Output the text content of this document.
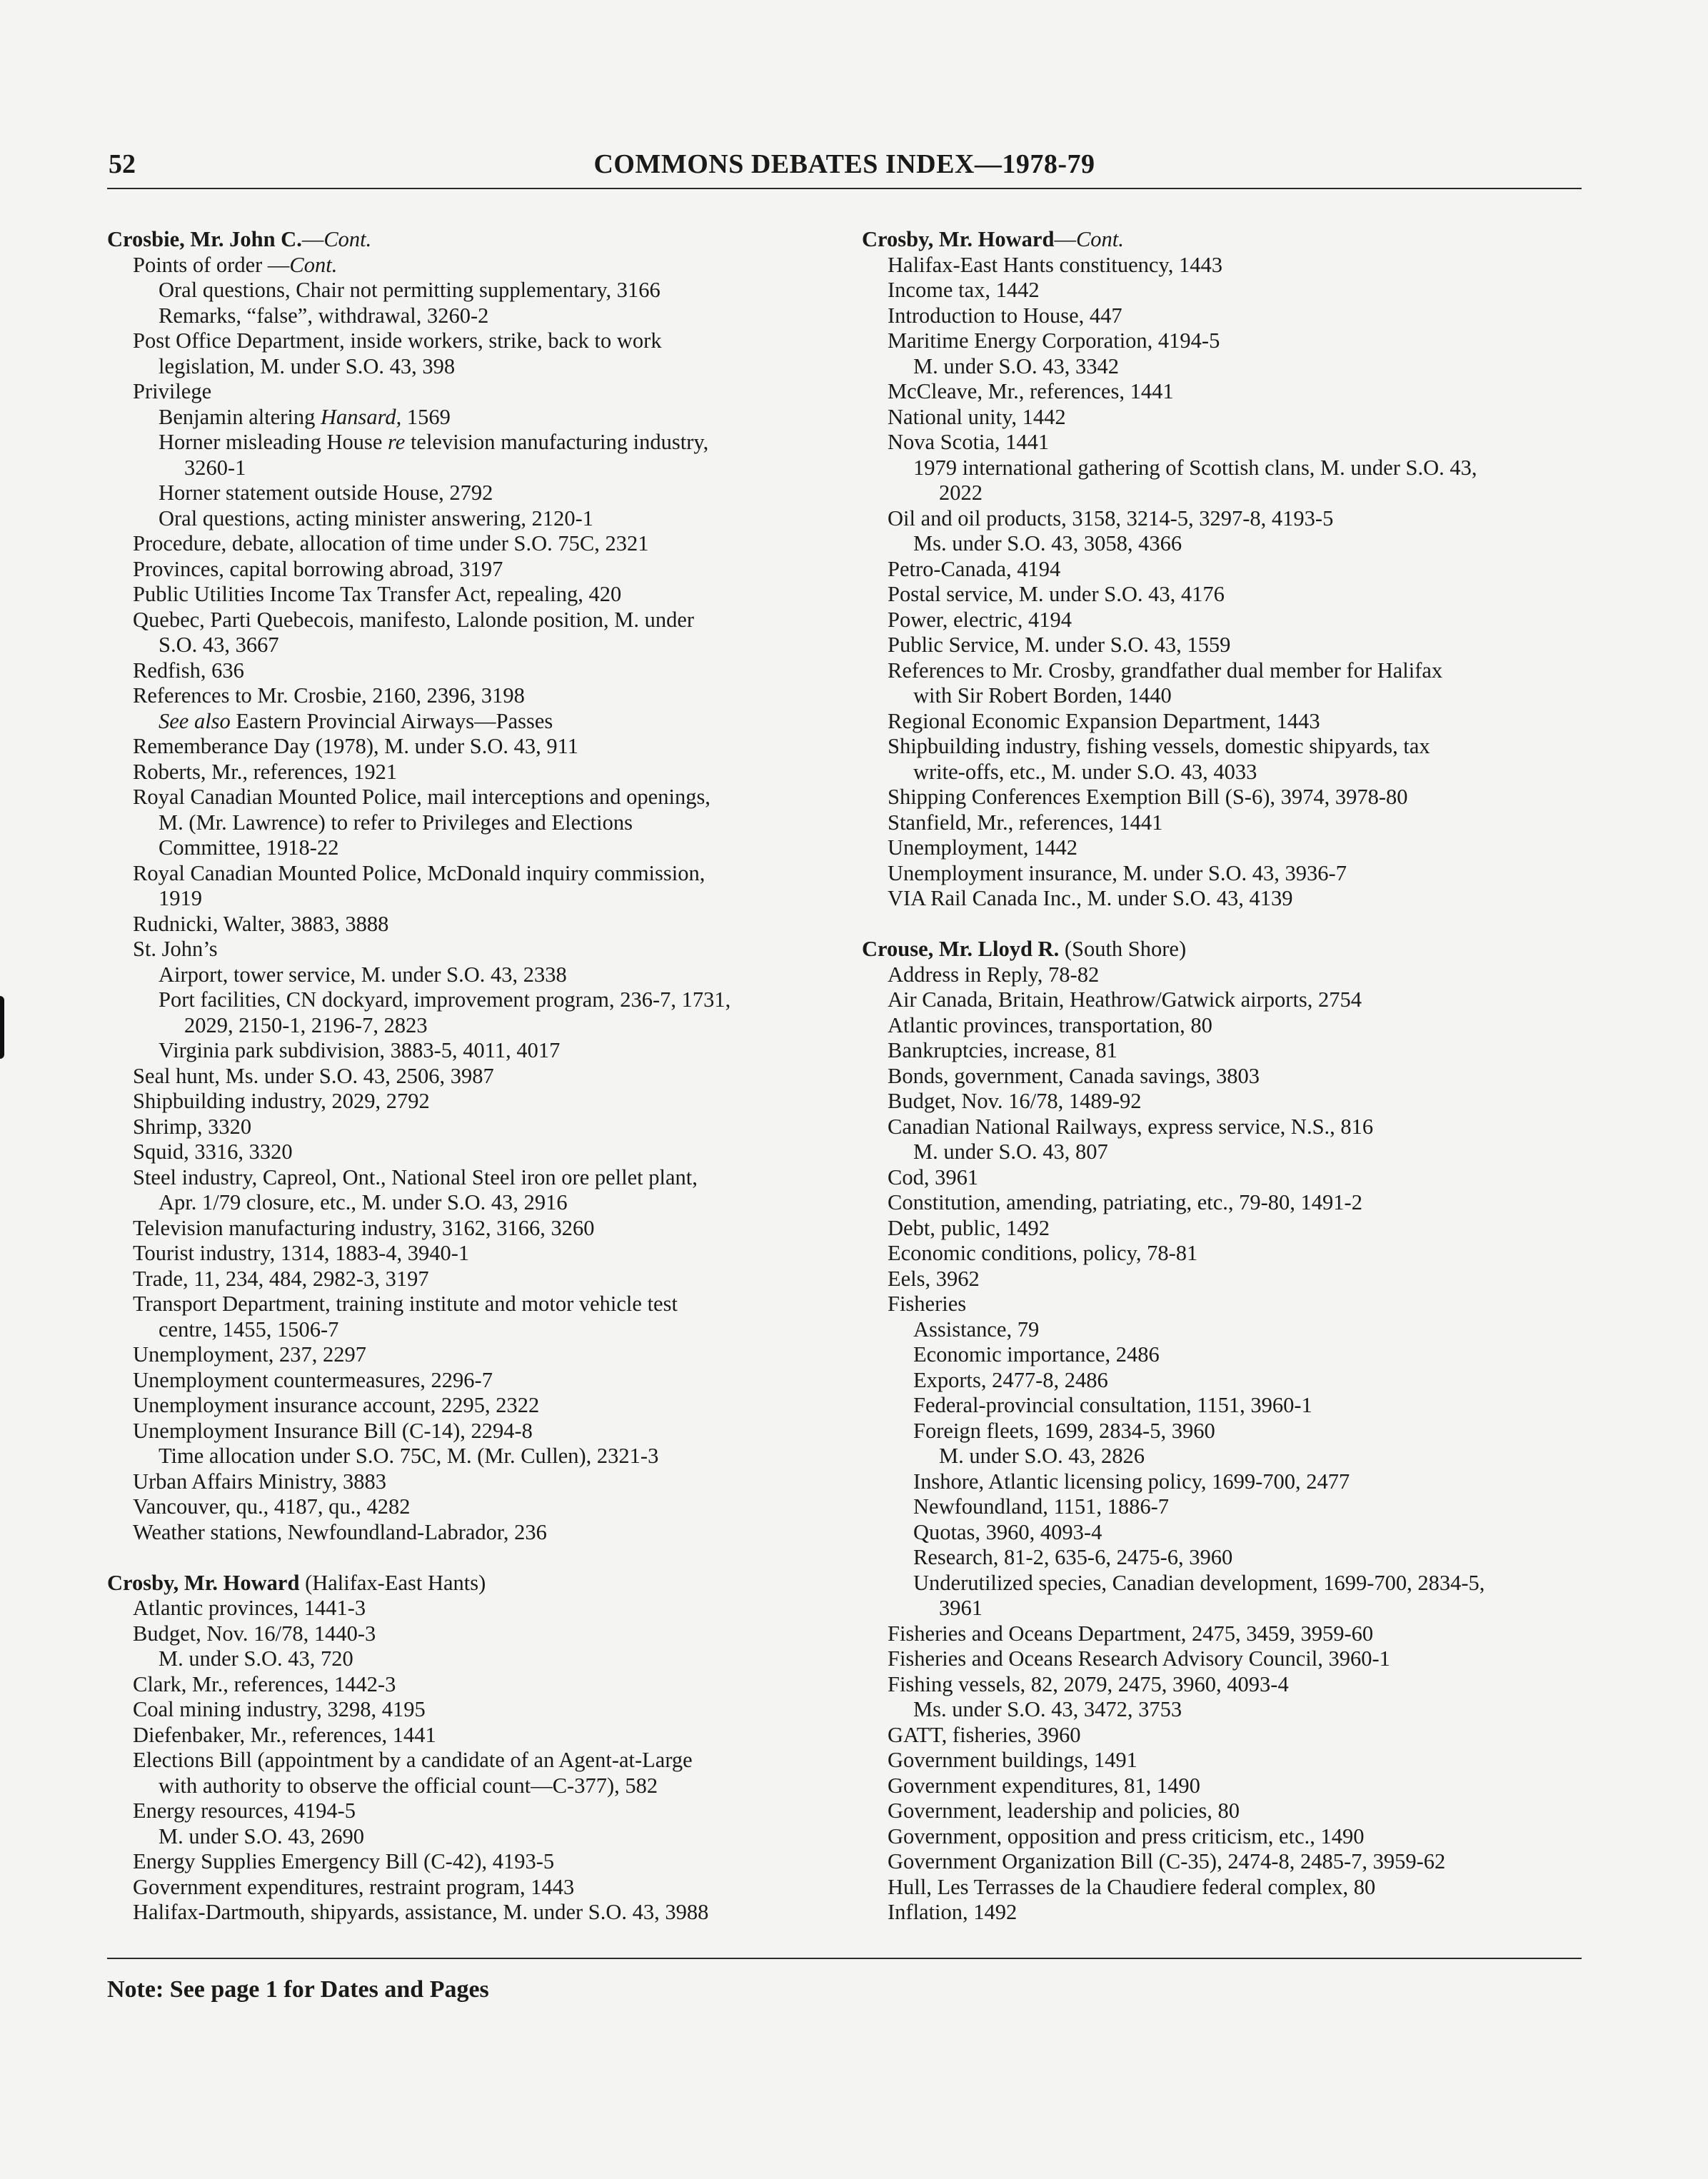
52	COMMONS DEBATES INDEX—1978-79
Crosbie, Mr. John C.—Cont.
Points of order —Cont.
Oral questions, Chair not permitting supplementary, 3166
Remarks, “false”, withdrawal, 3260-2
Post Office Department, inside workers, strike, back to work
legislation, M. under S.O. 43, 398
Privilege
Benjamin altering Hansard, 1569
Horner misleading House re television manufacturing industry,
3260-1
Horner statement outside House, 2792
Oral questions, acting minister answering, 2120-1
Procedure, debate, allocation of time under S.O. 75C, 2321
Provinces, capital borrowing abroad, 3197
Public Utilities Income Tax Transfer Act, repealing, 420
Quebec, Parti Quebecois, manifesto, Lalonde position, M. under
S.O. 43, 3667
Redfish, 636
References to Mr. Crosbie, 2160, 2396, 3198
See also Eastern Provincial Airways—Passes
Rememberance Day (1978), M. under S.O. 43, 911
Roberts, Mr., references, 1921
Royal Canadian Mounted Police, mail interceptions and openings,
M. (Mr. Lawrence) to refer to Privileges and Elections
Committee, 1918-22
Royal Canadian Mounted Police, McDonald inquiry commission,
1919
Rudnicki, Walter, 3883, 3888
St. John’s
Airport, tower service, M. under S.O. 43, 2338
Port facilities, CN dockyard, improvement program, 236-7, 1731,
2029, 2150-1, 2196-7, 2823
Virginia park subdivision, 3883-5, 4011, 4017
Seal hunt, Ms. under S.O. 43, 2506, 3987
Shipbuilding industry, 2029, 2792
Shrimp, 3320
Squid, 3316, 3320
Steel industry, Capreol, Ont., National Steel iron ore pellet plant,
Apr. 1/79 closure, etc., M. under S.O. 43, 2916
Television manufacturing industry, 3162, 3166, 3260
Tourist industry, 1314, 1883-4, 3940-1
Trade, 11, 234, 484, 2982-3, 3197
Transport Department, training institute and motor vehicle test
centre, 1455, 1506-7
Unemployment, 237, 2297
Unemployment countermeasures, 2296-7
Unemployment insurance account, 2295, 2322
Unemployment Insurance Bill (C-14), 2294-8
Time allocation under S.O. 75C, M. (Mr. Cullen), 2321-3
Urban Affairs Ministry, 3883
Vancouver, qu., 4187, qu., 4282
Weather stations, Newfoundland-Labrador, 236
Crosby, Mr. Howard (Halifax-East Hants)
Atlantic provinces, 1441-3
Budget, Nov. 16/78, 1440-3
M. under S.O. 43, 720
Clark, Mr., references, 1442-3
Coal mining industry, 3298, 4195
Diefenbaker, Mr., references, 1441
Elections Bill (appointment by a candidate of an Agent-at-Large
with authority to observe the official count—C-377), 582
Energy resources, 4194-5
M. under S.O. 43, 2690
Energy Supplies Emergency Bill (C-42), 4193-5
Government expenditures, restraint program, 1443
Halifax-Dartmouth, shipyards, assistance, M. under S.O. 43, 3988
Crosby, Mr. Howard—Cont.
Halifax-East Hants constituency, 1443
Income tax, 1442
Introduction to House, 447
Maritime Energy Corporation, 4194-5
M. under S.O. 43, 3342
McCleave, Mr., references, 1441
National unity, 1442
Nova Scotia, 1441
1979 international gathering of Scottish clans, M. under S.O. 43,
2022
Oil and oil products, 3158, 3214-5, 3297-8, 4193-5
Ms. under S.O. 43, 3058, 4366
Petro-Canada, 4194
Postal service, M. under S.O. 43, 4176
Power, electric, 4194
Public Service, M. under S.O. 43, 1559
References to Mr. Crosby, grandfather dual member for Halifax
with Sir Robert Borden, 1440
Regional Economic Expansion Department, 1443
Shipbuilding industry, fishing vessels, domestic shipyards, tax
write-offs, etc., M. under S.O. 43, 4033
Shipping Conferences Exemption Bill (S-6), 3974, 3978-80
Stanfield, Mr., references, 1441
Unemployment, 1442
Unemployment insurance, M. under S.O. 43, 3936-7
VIA Rail Canada Inc., M. under S.O. 43, 4139
Crouse, Mr. Lloyd R. (South Shore)
Address in Reply, 78-82
Air Canada, Britain, Heathrow/Gatwick airports, 2754
Atlantic provinces, transportation, 80
Bankruptcies, increase, 81
Bonds, government, Canada savings, 3803
Budget, Nov. 16/78, 1489-92
Canadian National Railways, express service, N.S., 816
M. under S.O. 43, 807
Cod, 3961
Constitution, amending, patriating, etc., 79-80, 1491-2
Debt, public, 1492
Economic conditions, policy, 78-81
Eels, 3962
Fisheries
Assistance, 79
Economic importance, 2486
Exports, 2477-8, 2486
Federal-provincial consultation, 1151, 3960-1
Foreign fleets, 1699, 2834-5, 3960
M. under S.O. 43, 2826
Inshore, Atlantic licensing policy, 1699-700, 2477
Newfoundland, 1151, 1886-7
Quotas, 3960, 4093-4
Research, 81-2, 635-6, 2475-6, 3960
Underutilized species, Canadian development, 1699-700, 2834-5,
3961
Fisheries and Oceans Department, 2475, 3459, 3959-60
Fisheries and Oceans Research Advisory Council, 3960-1
Fishing vessels, 82, 2079, 2475, 3960, 4093-4
Ms. under S.O. 43, 3472, 3753
GATT, fisheries, 3960
Government buildings, 1491
Government expenditures, 81, 1490
Government, leadership and policies, 80
Government, opposition and press criticism, etc., 1490
Government Organization Bill (C-35), 2474-8, 2485-7, 3959-62
Hull, Les Terrasses de la Chaudiere federal complex, 80
Inflation, 1492
Note: See page 1 for Dates and Pages
